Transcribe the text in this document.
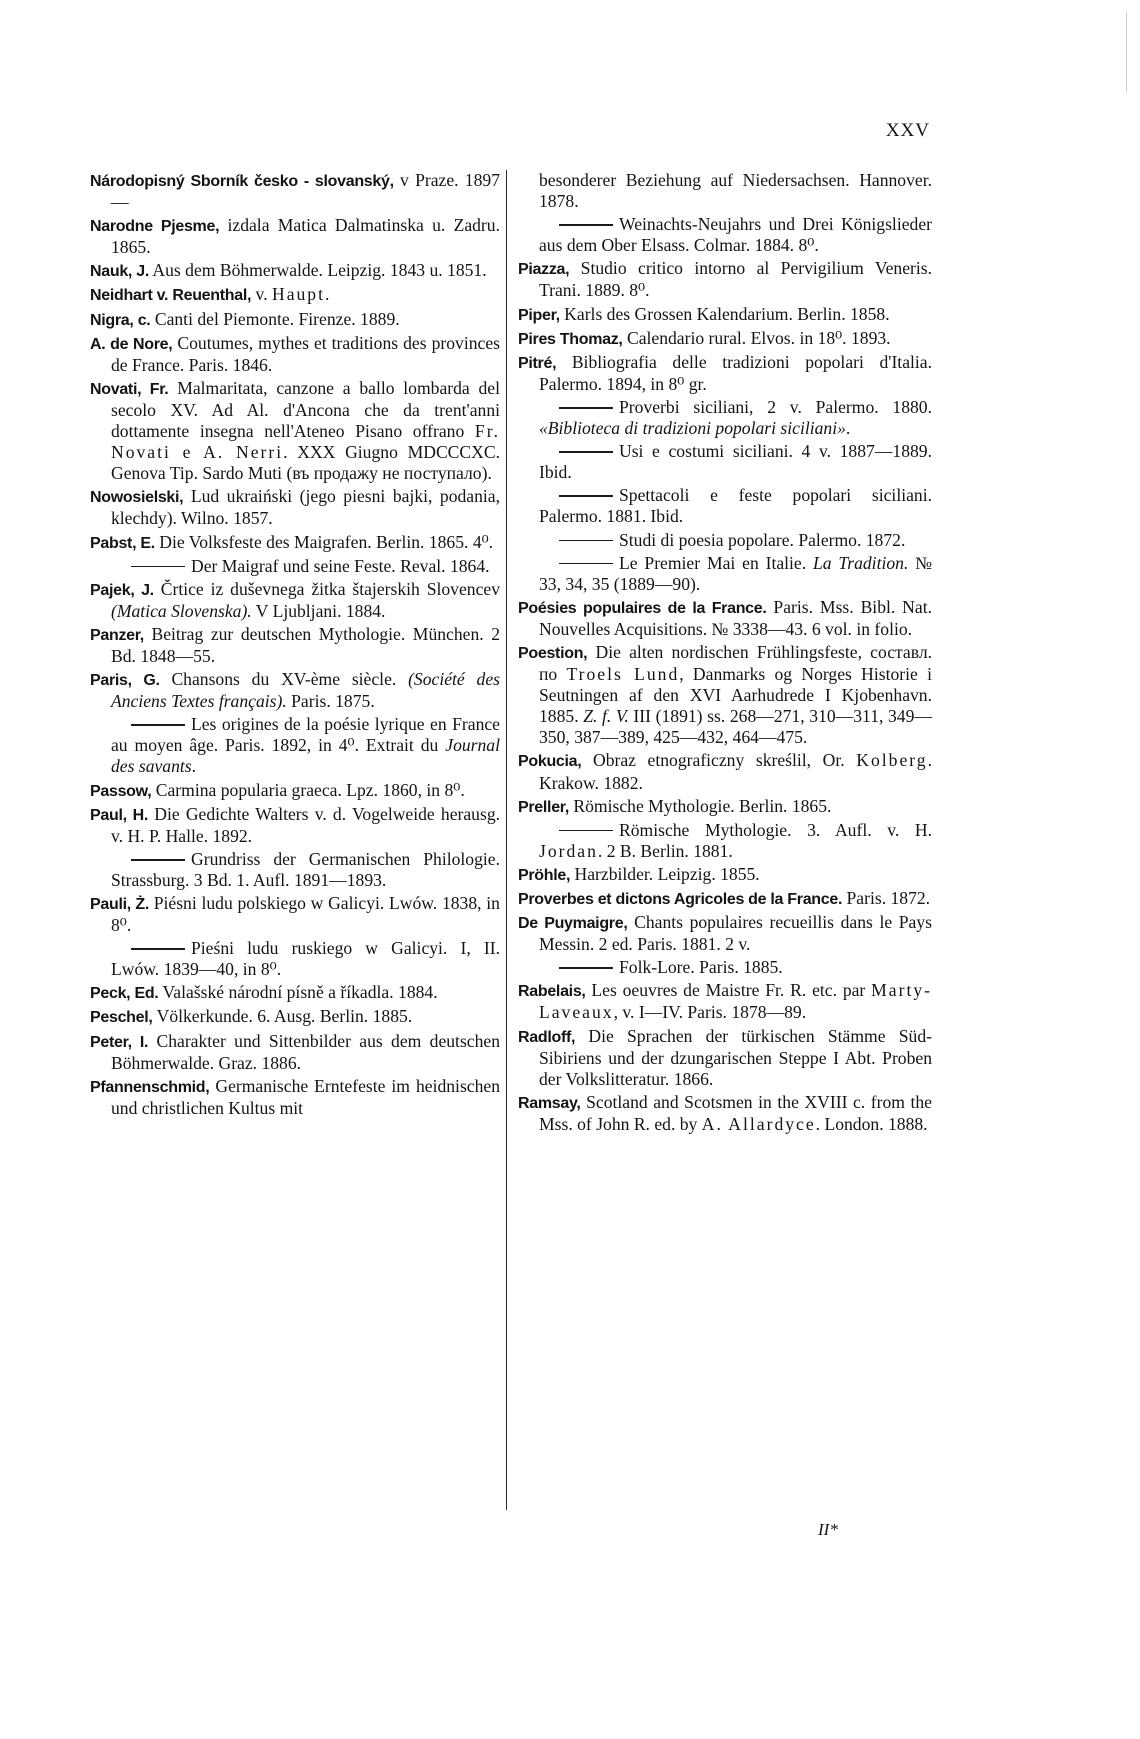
XXV
Národopisný Sborník česko - slovanský, v Praze. 1897—
Narodne Pjesme, izdala Matica Dalmatinska u. Zadru. 1865.
Nauk, J. Aus dem Böhmerwalde. Leipzig. 1843 u. 1851.
Neidhart v. Reuenthal, v. Haupt.
Nigra, c. Canti del Piemonte. Firenze. 1889.
A. de Nore, Coutumes, mythes et traditions des provinces de France. Paris. 1846.
Novati, Fr. Malmaritata, canzone a ballo lombarda del secolo XV. Ad Al. d'Ancona che da trent'anni dottamente insegna nell'Ateneo Pisano offrano Fr. Novati e A. Nerri. XXX Giugno MDCCCXC. Genova Tip. Sardo Muti (въ продажу не поступало).
Nowosielski, Lud ukraiński (jego piesni bajki, podania, klechdy). Wilno. 1857.
Pabst, E. Die Volksfeste des Maigrafen. Berlin. 1865. 4⁰.
Der Maigraf und seine Feste. Reval. 1864.
Pajek, J. Črtice iz duševnega žitka štajerskih Slovencev (Matica Slovenska). V Ljubljani. 1884.
Panzer, Beitrag zur deutschen Mythologie. München. 2 Bd. 1848—55.
Paris, G. Chansons du XV-ème siècle. (Société des Anciens Textes français). Paris. 1875.
Les origines de la poésie lyrique en France au moyen âge. Paris. 1892, in 4⁰. Extrait du Journal des savants.
Passow, Carmina popularia graeca. Lpz. 1860, in 8⁰.
Paul, H. Die Gedichte Walters v. d. Vogelweide herausg. v. H. P. Halle. 1892.
Grundriss der Germanischen Philologie. Strassburg. 3 Bd. 1. Aufl. 1891—1893.
Pauli, Ż. Piésni ludu polskiego w Galicyi. Lwów. 1838, in 8⁰.
Pieśni ludu ruskiego w Galicyi. I, II. Lwów. 1839—40, in 8⁰.
Peck, Ed. Valašské národní písně a říkadla. 1884.
Peschel, Völkerkunde. 6. Ausg. Berlin. 1885.
Peter, I. Charakter und Sittenbilder aus dem deutschen Böhmerwalde. Graz. 1886.
Pfannenschmid, Germanische Erntefeste im heidnischen und christlichen Kultus mit
besonderer Beziehung auf Niedersachsen. Hannover. 1878.
Weinachts-Neujahrs und Drei Königslieder aus dem Ober Elsass. Colmar. 1884. 8⁰.
Piazza, Studio critico intorno al Pervigilium Veneris. Trani. 1889. 8⁰.
Piper, Karls des Grossen Kalendarium. Berlin. 1858.
Pires Thomaz, Calendario rural. Elvos. in 18⁰. 1893.
Pitré, Bibliografia delle tradizioni popolari d'Italia. Palermo. 1894, in 8⁰ gr.
Proverbi siciliani, 2 v. Palermo. 1880. «Biblioteca di tradizioni popolari siciliani».
Usi e costumi siciliani. 4 v. 1887—1889. Ibid.
Spettacoli e feste popolari siciliani. Palermo. 1881. Ibid.
Studi di poesia popolare. Palermo. 1872.
Le Premier Mai en Italie. La Tradition. № 33, 34, 35 (1889—90).
Poésies populaires de la France. Paris. Mss. Bibl. Nat. Nouvelles Acquisitions. № 3338—43. 6 vol. in folio.
Poestion, Die alten nordischen Frühlingsfeste, составл. по Troels Lund, Danmarks og Norges Historie i Seutningen af den XVI Aarhudrede I Kjobenhavn. 1885. Z. f. V. III (1891) ss. 268—271, 310—311, 349—350, 387—389, 425—432, 464—475.
Pokucia, Obraz etnograficzny skreślil, Or. Kolberg. Krakow. 1882.
Preller, Römische Mythologie. Berlin. 1865.
Römische Mythologie. 3. Aufl. v. H. Jordan. 2 B. Berlin. 1881.
Pröhle, Harzbilder. Leipzig. 1855.
Proverbes et dictons Agricoles de la France. Paris. 1872.
De Puymaigre, Chants populaires recueillis dans le Pays Messin. 2 ed. Paris. 1881. 2 v.
Folk-Lore. Paris. 1885.
Rabelais, Les oeuvres de Maistre Fr. R. etc. par Marty-Laveaux, v. I—IV. Paris. 1878—89.
Radloff, Die Sprachen der türkischen Stämme Süd-Sibiriens und der dzungarischen Steppe I Abt. Proben der Volkslitteratur. 1866.
Ramsay, Scotland and Scotsmen in the XVIII c. from the Mss. of John R. ed. by A. Allardyce. London. 1888.
II*
